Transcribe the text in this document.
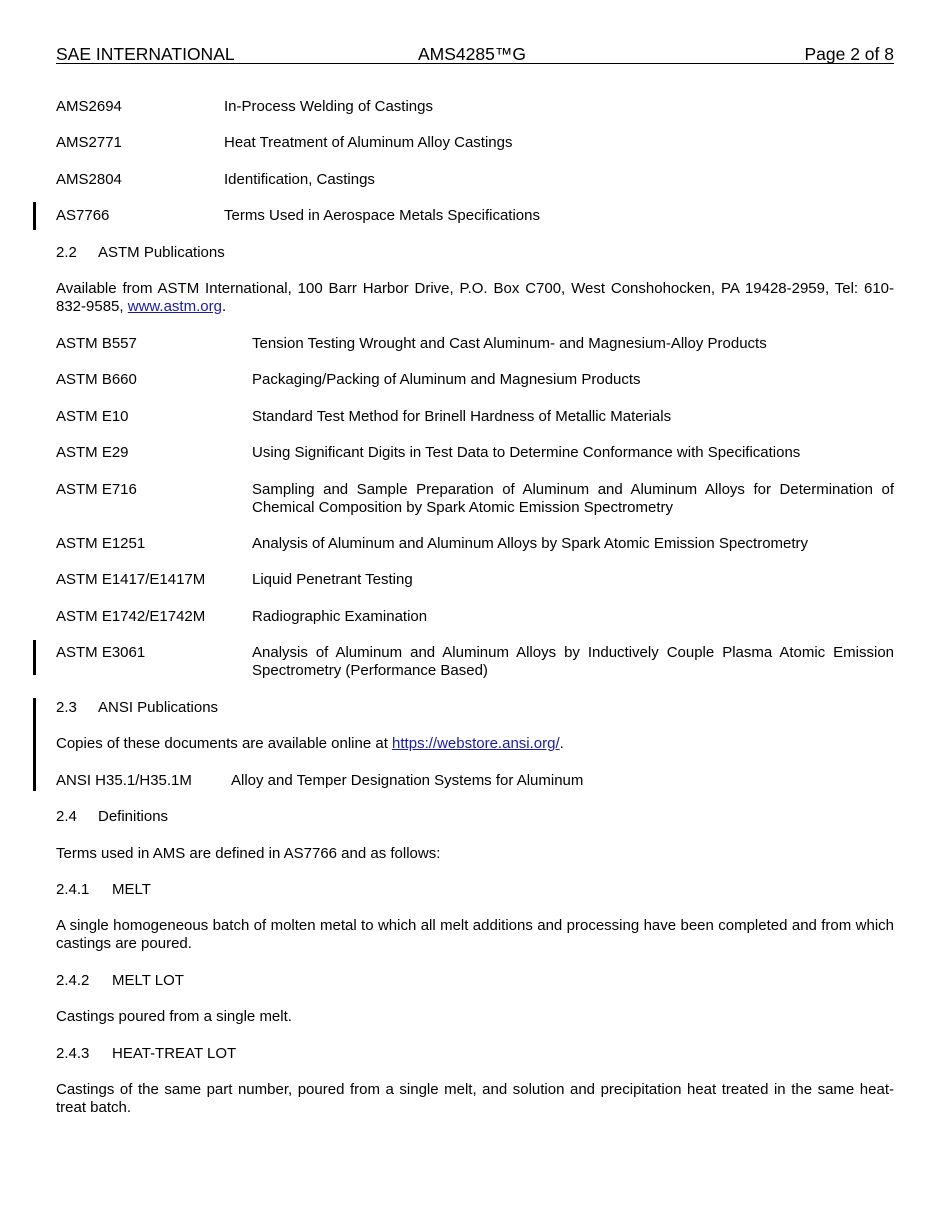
SAE INTERNATIONAL	AMS4285™G	Page 2 of 8
AMS2694	In-Process Welding of Castings
AMS2771	Heat Treatment of Aluminum Alloy Castings
AMS2804	Identification, Castings
AS7766	Terms Used in Aerospace Metals Specifications
2.2 ASTM Publications
Available from ASTM International, 100 Barr Harbor Drive, P.O. Box C700, West Conshohocken, PA 19428-2959, Tel: 610-832-9585, www.astm.org.
ASTM B557	Tension Testing Wrought and Cast Aluminum- and Magnesium-Alloy Products
ASTM B660	Packaging/Packing of Aluminum and Magnesium Products
ASTM E10	Standard Test Method for Brinell Hardness of Metallic Materials
ASTM E29	Using Significant Digits in Test Data to Determine Conformance with Specifications
ASTM E716	Sampling and Sample Preparation of Aluminum and Aluminum Alloys for Determination of Chemical Composition by Spark Atomic Emission Spectrometry
ASTM E1251	Analysis of Aluminum and Aluminum Alloys by Spark Atomic Emission Spectrometry
ASTM E1417/E1417M	Liquid Penetrant Testing
ASTM E1742/E1742M	Radiographic Examination
ASTM E3061	Analysis of Aluminum and Aluminum Alloys by Inductively Couple Plasma Atomic Emission Spectrometry (Performance Based)
2.3 ANSI Publications
Copies of these documents are available online at https://webstore.ansi.org/.
ANSI H35.1/H35.1M	Alloy and Temper Designation Systems for Aluminum
2.4 Definitions
Terms used in AMS are defined in AS7766 and as follows:
2.4.1 MELT
A single homogeneous batch of molten metal to which all melt additions and processing have been completed and from which castings are poured.
2.4.2 MELT LOT
Castings poured from a single melt.
2.4.3 HEAT-TREAT LOT
Castings of the same part number, poured from a single melt, and solution and precipitation heat treated in the same heat-treat batch.
